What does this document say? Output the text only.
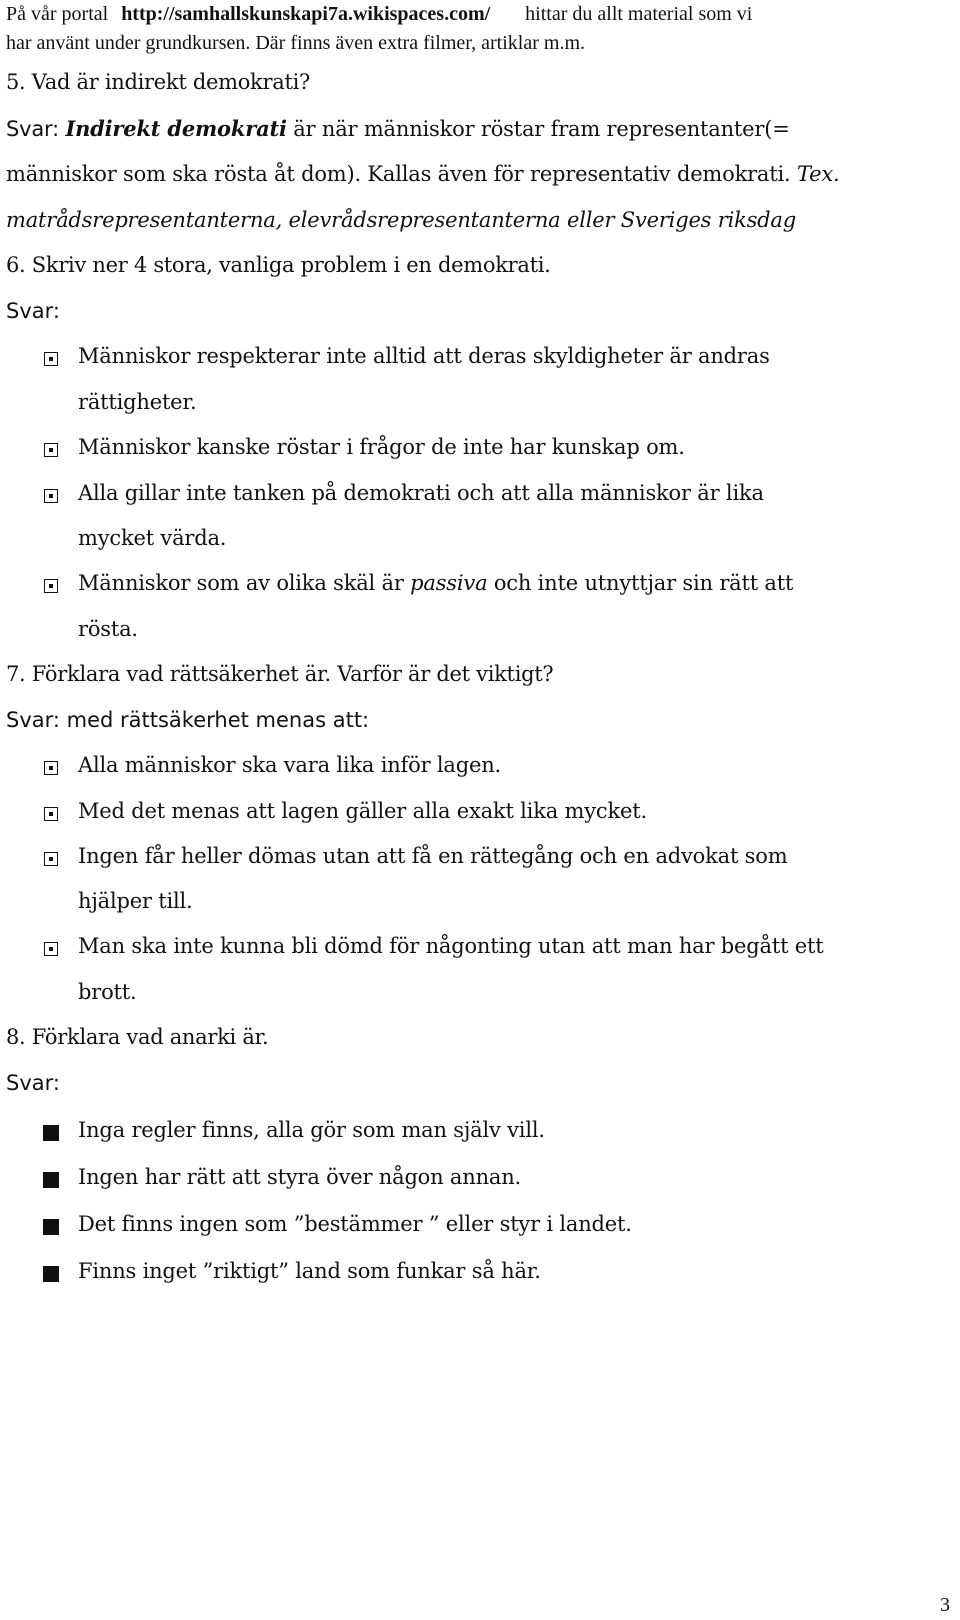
På vår portal http://samhallskunskapi7a.wikispaces.com/ hittar du allt material som vi
har använt under grundkursen. Där finns även extra filmer, artiklar m.m.
5. Vad är indirekt demokrati?
Svar: Indirekt demokrati är när människor röstar fram representanter(=
människor som ska rösta åt dom). Kallas även för representativ demokrati. Tex.
matrådsrepresentanterna, elevrådsrepresentanterna eller Sveriges riksdag
6. Skriv ner 4 stora, vanliga problem i en demokrati.
Svar:
Människor respekterar inte alltid att deras skyldigheter är andras
rättigheter.
Människor kanske röstar i frågor de inte har kunskap om.
Alla gillar inte tanken på demokrati och att alla människor är lika
mycket värda.
Människor som av olika skäl är passiva och inte utnyttjar sin rätt att
rösta.
7. Förklara vad rättsäkerhet är. Varför är det viktigt?
Svar: med rättsäkerhet menas att:
Alla människor ska vara lika inför lagen.
Med det menas att lagen gäller alla exakt lika mycket.
Ingen får heller dömas utan att få en rättegång och en advokat som
hjälper till.
Man ska inte kunna bli dömd för någonting utan att man har begått ett
brott.
8. Förklara vad anarki är.
Svar:
Inga regler finns, alla gör som man själv vill.
Ingen har rätt att styra över någon annan.
Det finns ingen som ”bestämmer ” eller styr i landet.
Finns inget ”riktigt” land som funkar så här.
3
